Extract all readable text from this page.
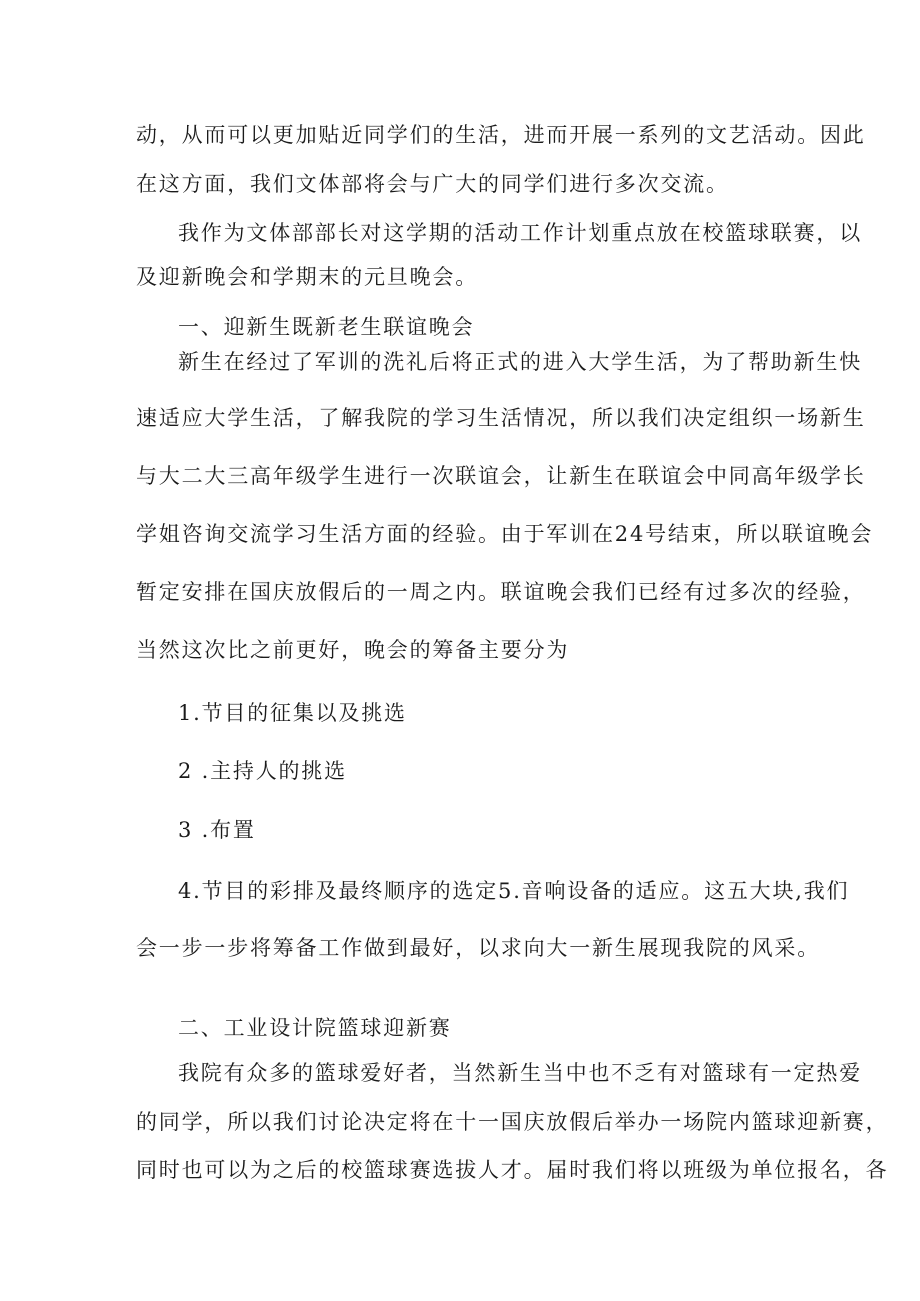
动，从而可以更加贴近同学们的生活，进而开展一系列的文艺活动。因此
在这方面，我们文体部将会与广大的同学们进行多次交流。
我作为文体部部长对这学期的活动工作计划重点放在校篮球联赛，以
及迎新晚会和学期末的元旦晚会。
一、迎新生既新老生联谊晚会
新生在经过了军训的洗礼后将正式的进入大学生活，为了帮助新生快
速适应大学生活，了解我院的学习生活情况，所以我们决定组织一场新生
与大二大三高年级学生进行一次联谊会，让新生在联谊会中同高年级学长
学姐咨询交流学习生活方面的经验。由于军训在24号结束，所以联谊晚会
暂定安排在国庆放假后的一周之内。联谊晚会我们已经有过多次的经验，
当然这次比之前更好，晚会的筹备主要分为
1.节目的征集以及挑选
2 .主持人的挑选
3 .布置
4.节目的彩排及最终顺序的选定5.音响设备的适应。这五大块,我们
会一步一步将筹备工作做到最好，以求向大一新生展现我院的风采。
二、工业设计院篮球迎新赛
我院有众多的篮球爱好者，当然新生当中也不乏有对篮球有一定热爱
的同学，所以我们讨论决定将在十一国庆放假后举办一场院内篮球迎新赛，
同时也可以为之后的校篮球赛选拔人才。届时我们将以班级为单位报名，各
